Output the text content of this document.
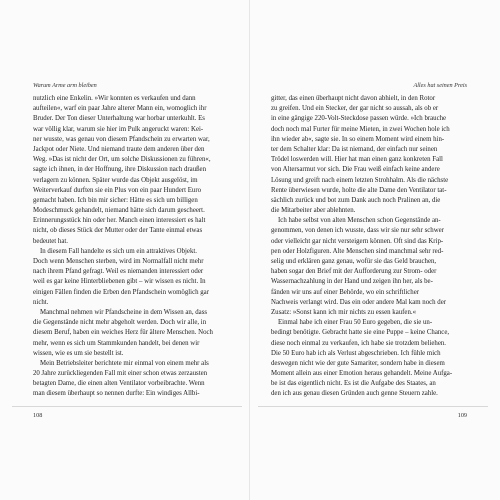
Warum Arme arm bleiben
nutzlich eine Enkelin. »Wir konnten es verkaufen und dann
aufteilen«, warf ein paar Jahre alterer Mann ein, womoglich ihr
Bruder. Der Ton dieser Unterhaltung war horbar unterkuhlt. Es
war völlig klar, warum sie hier im Pulk angeruckt waren: Kei-
ner wusste, was genau von diesem Pfandschein zu erwarten war,
Jackpot oder Niete. Und niemand traute dem anderen über den
Weg. »Das ist nicht der Ort, um solche Diskussionen zu führen«,
sagte ich ihnen, in der Hoffnung, ihre Diskussion nach draußen
verlagern zu können. Später wurde das Objekt ausgelöst, im
Weiterverkauf durften sie ein Plus von ein paar Hundert Euro
gemacht haben. Ich bin mir sicher: Hätte es sich um billigen
Modeschmuck gehandelt, niemand hätte sich darum gescheert.
Erinnerungsstück hin oder her. Manch einen interessiert es halt
nicht, ob dieses Stück der Mutter oder der Tante einmal etwas
bedeutet hat.
In diesem Fall handelte es sich um ein attraktives Objekt.
Doch wenn Menschen sterben, wird im Normalfall nicht mehr
nach ihrem Pfand gefragt. Weil es niemanden interessiert oder
weil es gar keine Hinterbliebenen gibt – wir wissen es nicht. In
einigen Fällen finden die Erben den Pfandschein womöglich gar
nicht.
Manchmal nehmen wir Pfandscheine in dem Wissen an, dass
die Gegenstände nicht mehr abgeholt werden. Doch wir alle, in
diesem Beruf, haben ein weiches Herz für ältere Menschen. Noch
mehr, wenn es sich um Stammkunden handelt, bei denen wir
wissen, wie es um sie bestellt ist.
Mein Betriebsleiter berichtete mir einmal von einem mehr als
20 Jahre zurückliegenden Fall mit einer schon etwas zerzausten
betagten Dame, die einen alten Ventilator vorbeibrachte. Wenn
man diesem überhaupt so nennen durfte: Ein windiges Allbi-
108
Alles hat seinen Preis
gitter, das einen überhaupt nicht davon abhielt, in den Rotor
zu greifen. Und ein Stecker, der gar nicht so aussah, als ob er
in eine gängige 220-Volt-Steckdose passen würde. »Ich brauche
doch noch mal Furter für meine Mieten, in zwei Wochen hole ich
ihn wieder ab«, sagte sie. In so einem Moment wird einem hin-
ter dem Schalter klar: Da ist niemand, der einfach nur seinen
Trödel loswerden will. Hier hat man einen ganz konkreten Fall
von Altersarmut vor sich. Die Frau weiß einfach keine andere
Lösung und greift nach einem letzten Strohhalm. Als die nächste
Rente überwiesen wurde, holte die alte Dame den Ventilator tat-
sächlich zurück und bot zum Dank auch noch Pralinen an, die
die Mitarbeiter aber ablehnten.
Ich habe selbst von alten Menschen schon Gegenstände an-
genommen, von denen ich wusste, dass wir sie nur sehr schwer
oder vielleicht gar nicht versteigern können. Oft sind das Krip-
pen oder Holzfiguren. Alte Menschen sind manchmal sehr red-
selig und erklären ganz genau, wofür sie das Geld brauchen,
haben sogar den Brief mit der Aufforderung zur Strom- oder
Wassernachzahlung in der Hand und zeigen ihn her, als be-
fänden wir uns auf einer Behörde, wo ein schriftlicher
Nachweis verlangt wird. Das ein oder andere Mal kam noch der
Zusatz: »Sonst kann ich mir nichts zu essen kaufen.«
Einmal habe ich einer Frau 50 Euro gegeben, die sie un-
bedingt benötigte. Gebracht hatte sie eine Puppe – keine Chance,
diese noch einmal zu verkaufen, ich habe sie trotzdem beliehen.
Die 50 Euro hab ich als Verlust abgeschrieben. Ich fühle mich
deswegen nicht wie der gute Samariter, sondern habe in diesem
Moment allein aus einer Emotion heraus gehandelt. Meine Aufga-
be ist das eigentlich nicht. Es ist die Aufgabe des Staates, an
den ich aus genau diesen Gründen auch genne Steuern zahle.
109
